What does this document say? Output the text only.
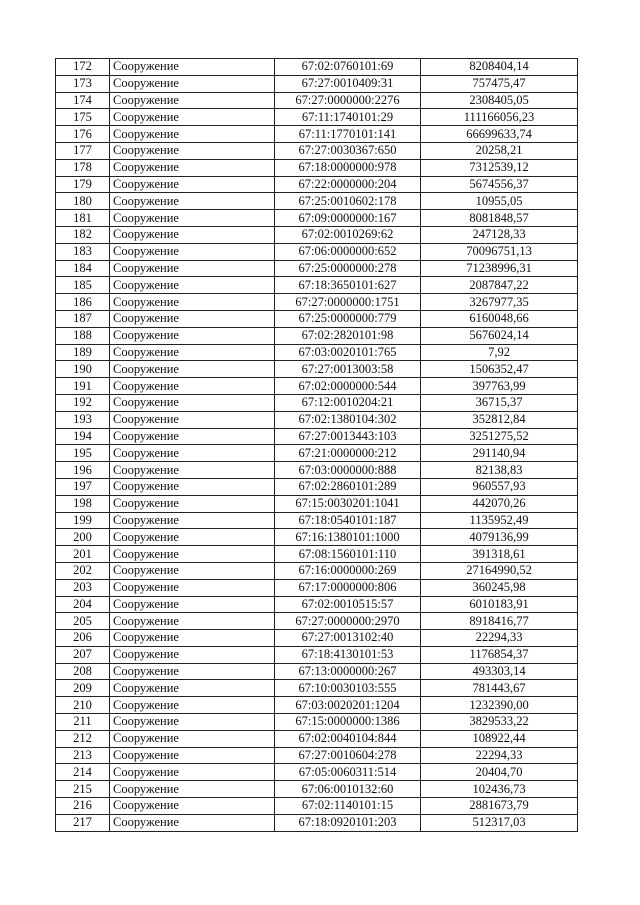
172	Сооружение	67:02:0760101:69	8208404,14
173	Сооружение	67:27:0010409:31	757475,47
174	Сооружение	67:27:0000000:2276	2308405,05
175	Сооружение	67:11:1740101:29	111166056,23
176	Сооружение	67:11:1770101:141	66699633,74
177	Сооружение	67:27:0030367:650	20258,21
178	Сооружение	67:18:0000000:978	7312539,12
179	Сооружение	67:22:0000000:204	5674556,37
180	Сооружение	67:25:0010602:178	10955,05
181	Сооружение	67:09:0000000:167	8081848,57
182	Сооружение	67:02:0010269:62	247128,33
183	Сооружение	67:06:0000000:652	70096751,13
184	Сооружение	67:25:0000000:278	71238996,31
185	Сооружение	67:18:3650101:627	2087847,22
186	Сооружение	67:27:0000000:1751	3267977,35
187	Сооружение	67:25:0000000:779	6160048,66
188	Сооружение	67:02:2820101:98	5676024,14
189	Сооружение	67:03:0020101:765	7,92
190	Сооружение	67:27:0013003:58	1506352,47
191	Сооружение	67:02:0000000:544	397763,99
192	Сооружение	67:12:0010204:21	36715,37
193	Сооружение	67:02:1380104:302	352812,84
194	Сооружение	67:27:0013443:103	3251275,52
195	Сооружение	67:21:0000000:212	291140,94
196	Сооружение	67:03:0000000:888	82138,83
197	Сооружение	67:02:2860101:289	960557,93
198	Сооружение	67:15:0030201:1041	442070,26
199	Сооружение	67:18:0540101:187	1135952,49
200	Сооружение	67:16:1380101:1000	4079136,99
201	Сооружение	67:08:1560101:110	391318,61
202	Сооружение	67:16:0000000:269	27164990,52
203	Сооружение	67:17:0000000:806	360245,98
204	Сооружение	67:02:0010515:57	6010183,91
205	Сооружение	67:27:0000000:2970	8918416,77
206	Сооружение	67:27:0013102:40	22294,33
207	Сооружение	67:18:4130101:53	1176854,37
208	Сооружение	67:13:0000000:267	493303,14
209	Сооружение	67:10:0030103:555	781443,67
210	Сооружение	67:03:0020201:1204	1232390,00
211	Сооружение	67:15:0000000:1386	3829533,22
212	Сооружение	67:02:0040104:844	108922,44
213	Сооружение	67:27:0010604:278	22294,33
214	Сооружение	67:05:0060311:514	20404,70
215	Сооружение	67:06:0010132:60	102436,73
216	Сооружение	67:02:1140101:15	2881673,79
217	Сооружение	67:18:0920101:203	512317,03
